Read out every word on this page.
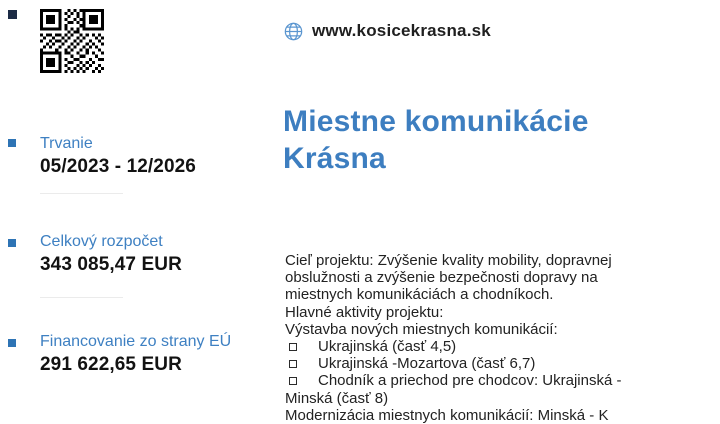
www.kosicekrasna.sk
Trvanie
05/2023 - 12/2026
Celkový rozpočet
343 085,47 EUR
Financovanie zo strany EÚ
291 622,65 EUR
Miestne komunikácie
Krásna
Cieľ projektu: Zvýšenie kvality mobility, dopravnej
obslužnosti a zvýšenie bezpečnosti dopravy na
miestnych komunikáciách a chodníkoch.
Hlavné aktivity projektu:
Výstavba nových miestnych komunikácií:
Ukrajinská (časť 4,5)
Ukrajinská -Mozartova (časť 6,7)
Chodník a priechod pre chodcov: Ukrajinská -
Minská (časť 8)
Modernizácia miestnych komunikácií: Minská - K
